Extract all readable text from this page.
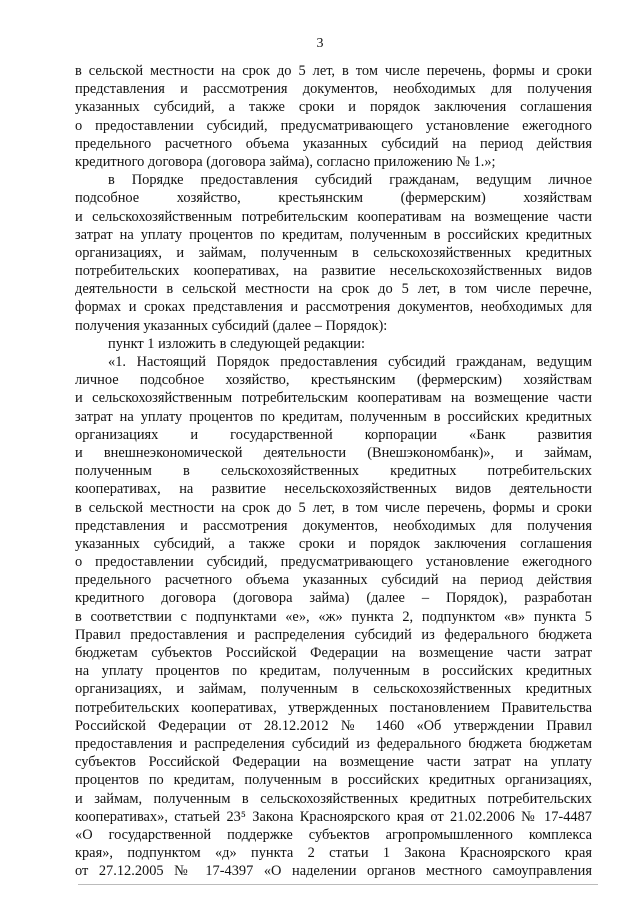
3
в сельской местности на срок до 5 лет, в том числе перечень, формы и сроки
представления и рассмотрения документов, необходимых для получения
указанных субсидий, а также сроки и порядок заключения соглашения
о предоставлении субсидий, предусматривающего установление ежегодного
предельного расчетного объема указанных субсидий на период действия
кредитного договора (договора займа), согласно приложению № 1.»;
в Порядке предоставления субсидий гражданам, ведущим личное
подсобное хозяйство, крестьянским (фермерским) хозяйствам
и сельскохозяйственным потребительским кооперативам на возмещение части
затрат на уплату процентов по кредитам, полученным в российских кредитных
организациях, и займам, полученным в сельскохозяйственных кредитных
потребительских кооперативах, на развитие несельскохозяйственных видов
деятельности в сельской местности на срок до 5 лет, в том числе перечне,
формах и сроках представления и рассмотрения документов, необходимых для
получения указанных субсидий (далее – Порядок):
пункт 1 изложить в следующей редакции:
«1. Настоящий Порядок предоставления субсидий гражданам, ведущим
личное подсобное хозяйство, крестьянским (фермерским) хозяйствам
и сельскохозяйственным потребительским кооперативам на возмещение части
затрат на уплату процентов по кредитам, полученным в российских кредитных
организациях и государственной корпорации «Банк развития
и внешнеэкономической деятельности (Внешэкономбанк)», и займам,
полученным в сельскохозяйственных кредитных потребительских
кооперативах, на развитие несельскохозяйственных видов деятельности
в сельской местности на срок до 5 лет, в том числе перечень, формы и сроки
представления и рассмотрения документов, необходимых для получения
указанных субсидий, а также сроки и порядок заключения соглашения
о предоставлении субсидий, предусматривающего установление ежегодного
предельного расчетного объема указанных субсидий на период действия
кредитного договора (договора займа) (далее – Порядок), разработан
в соответствии с подпунктами «е», «ж» пункта 2, подпунктом «в» пункта 5
Правил предоставления и распределения субсидий из федерального бюджета
бюджетам субъектов Российской Федерации на возмещение части затрат
на уплату процентов по кредитам, полученным в российских кредитных
организациях, и займам, полученным в сельскохозяйственных кредитных
потребительских кооперативах, утвержденных постановлением Правительства
Российской Федерации от 28.12.2012 № 1460 «Об утверждении Правил
предоставления и распределения субсидий из федерального бюджета бюджетам
субъектов Российской Федерации на возмещение части затрат на уплату
процентов по кредитам, полученным в российских кредитных организациях,
и займам, полученным в сельскохозяйственных кредитных потребительских
кооперативах», статьей 23⁵ Закона Красноярского края от 21.02.2006 № 17-4487
«О государственной поддержке субъектов агропромышленного комплекса
края», подпунктом «д» пункта 2 статьи 1 Закона Красноярского края
от 27.12.2005 № 17-4397 «О наделении органов местного самоуправления
